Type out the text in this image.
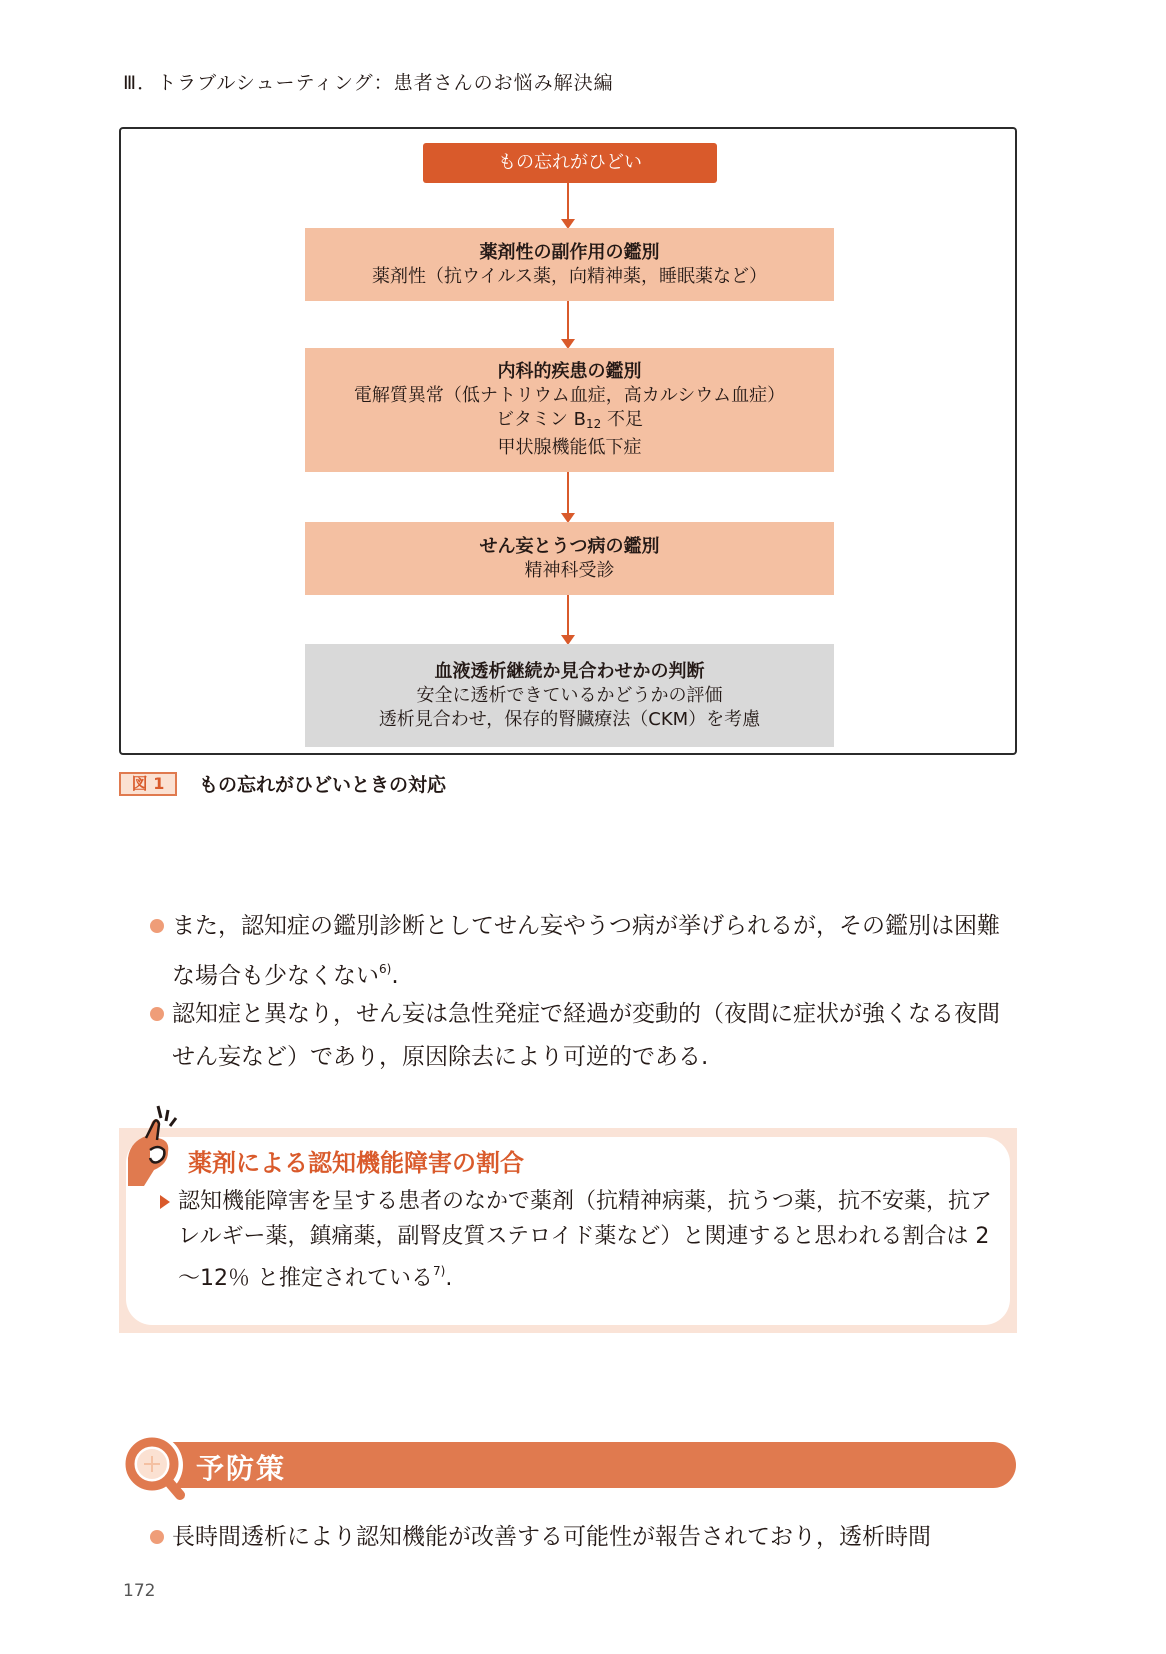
Ⅲ．トラブルシューティング：患者さんのお悩み解決編
もの忘れがひどい
薬剤性の副作用の鑑別
薬剤性（抗ウイルス薬，向精神薬，睡眠薬など）
内科的疾患の鑑別
電解質異常（低ナトリウム血症，高カルシウム血症）
ビタミン B12 不足
甲状腺機能低下症
せん妄とうつ病の鑑別
精神科受診
血液透析継続か見合わせかの判断
安全に透析できているかどうかの評価
透析見合わせ，保存的腎臓療法（CKM）を考慮
図 1	もの忘れがひどいときの対応
また，認知症の鑑別診断としてせん妄やうつ病が挙げられるが，その鑑別は困難な場合も少なくない$^{6)}$.
認知症と異なり，せん妄は急性発症で経過が変動的（夜間に症状が強くなる夜間せん妄など）であり，原因除去により可逆的である.
薬剤による認知機能障害の割合
認知機能障害を呈する患者のなかで薬剤（抗精神病薬，抗うつ薬，抗不安薬，抗アレルギー薬，鎮痛薬，副腎皮質ステロイド薬など）と関連すると思われる割合は 2～12％ と推定されている$^{7)}$.
予防策
長時間透析により認知機能が改善する可能性が報告されており，透析時間
172
